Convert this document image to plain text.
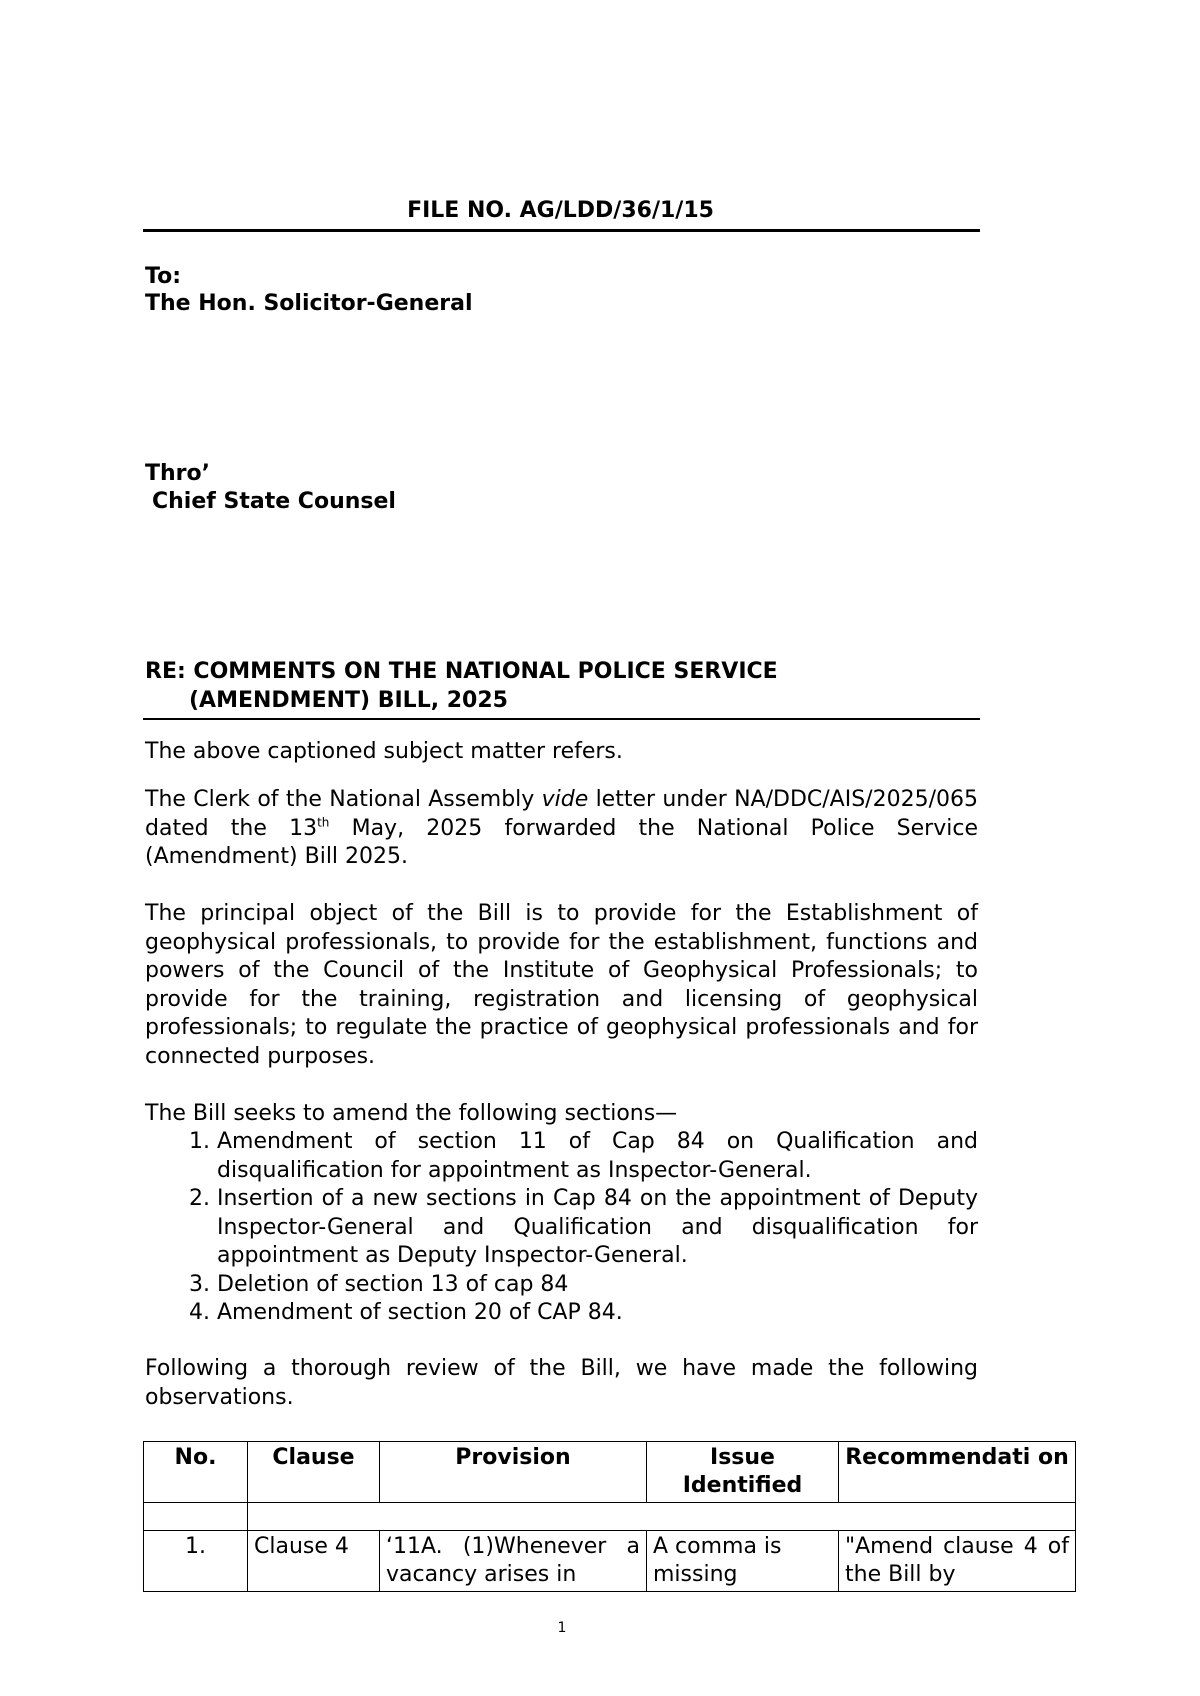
FILE NO. AG/LDD/36/1/15
To:
The Hon. Solicitor-General
Thro’
Chief State Counsel
RE: COMMENTS ON THE NATIONAL POLICE SERVICE
(AMENDMENT) BILL, 2025
The above captioned subject matter refers.
The Clerk of the National Assembly vide letter under NA/DDC/AIS/2025/065 dated the 13th May, 2025 forwarded the National Police Service (Amendment) Bill 2025.
The principal object of the Bill is to provide for the Establishment of geophysical professionals, to provide for the establishment, functions and powers of the Council of the Institute of Geophysical Professionals; to provide for the training, registration and licensing of geophysical professionals; to regulate the practice of geophysical professionals and for connected purposes.
The Bill seeks to amend the following sections—
1. Amendment of section 11 of Cap 84 on Qualification and disqualification for appointment as Inspector-General.
2. Insertion of a new sections in Cap 84 on the appointment of Deputy Inspector-General and Qualification and disqualification for appointment as Deputy Inspector-General.
3. Deletion of section 13 of cap 84
4. Amendment of section 20 of CAP 84.
Following a thorough review of the Bill, we have made the following observations.
No.	Clause	Provision	Issue Identified	Recommendati on

1.	Clause 4	‘11A. (1)Whenever a vacancy arises in	A comma is missing	"Amend clause 4 of the Bill by
1
